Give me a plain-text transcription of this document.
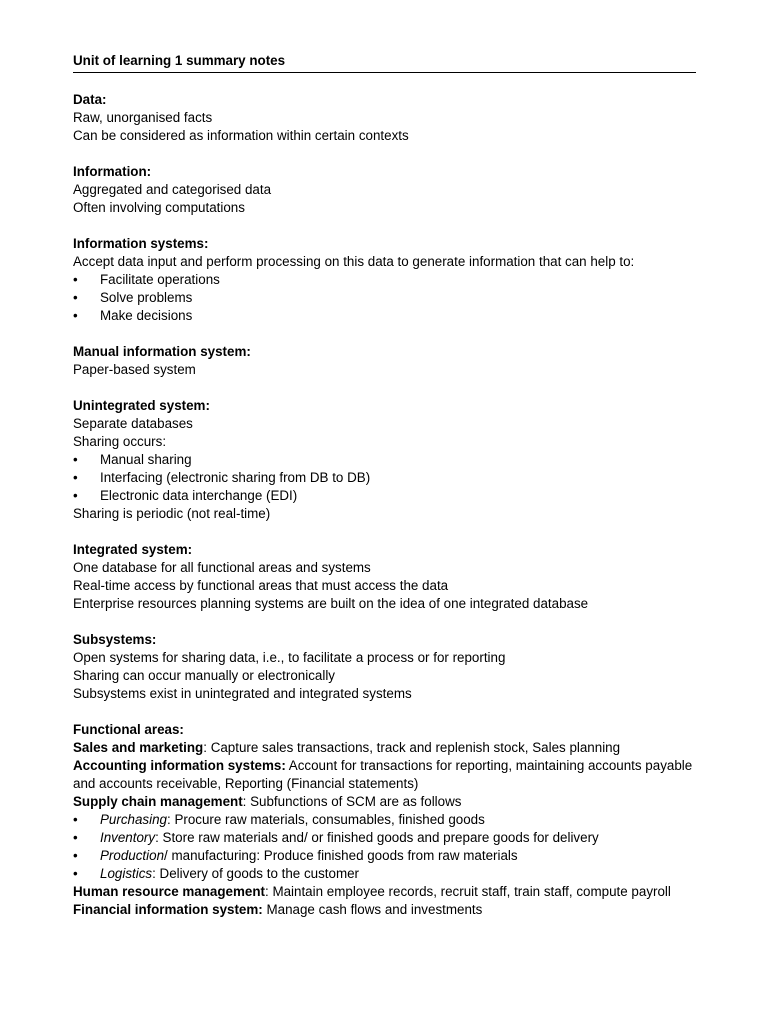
Unit of learning 1 summary notes
Data:
Raw, unorganised facts
Can be considered as information within certain contexts
Information:
Aggregated and categorised data
Often involving computations
Information systems:
Accept data input and perform processing on this data to generate information that can help to:
•	Facilitate operations
•	Solve problems
•	Make decisions
Manual information system:
Paper-based system
Unintegrated system:
Separate databases
Sharing occurs:
•	Manual sharing
•	Interfacing (electronic sharing from DB to DB)
•	Electronic data interchange (EDI)
Sharing is periodic (not real-time)
Integrated system:
One database for all functional areas and systems
Real-time access by functional areas that must access the data
Enterprise resources planning systems are built on the idea of one integrated database
Subsystems:
Open systems for sharing data, i.e., to facilitate a process or for reporting
Sharing can occur manually or electronically
Subsystems exist in unintegrated and integrated systems
Functional areas:
Sales and marketing: Capture sales transactions, track and replenish stock, Sales planning
Accounting information systems: Account for transactions for reporting, maintaining accounts payable and accounts receivable, Reporting (Financial statements)
Supply chain management: Subfunctions of SCM are as follows
•	Purchasing: Procure raw materials, consumables, finished goods
•	Inventory: Store raw materials and/ or finished goods and prepare goods for delivery
•	Production/ manufacturing: Produce finished goods from raw materials
•	Logistics: Delivery of goods to the customer
Human resource management: Maintain employee records, recruit staff, train staff, compute payroll
Financial information system: Manage cash flows and investments
